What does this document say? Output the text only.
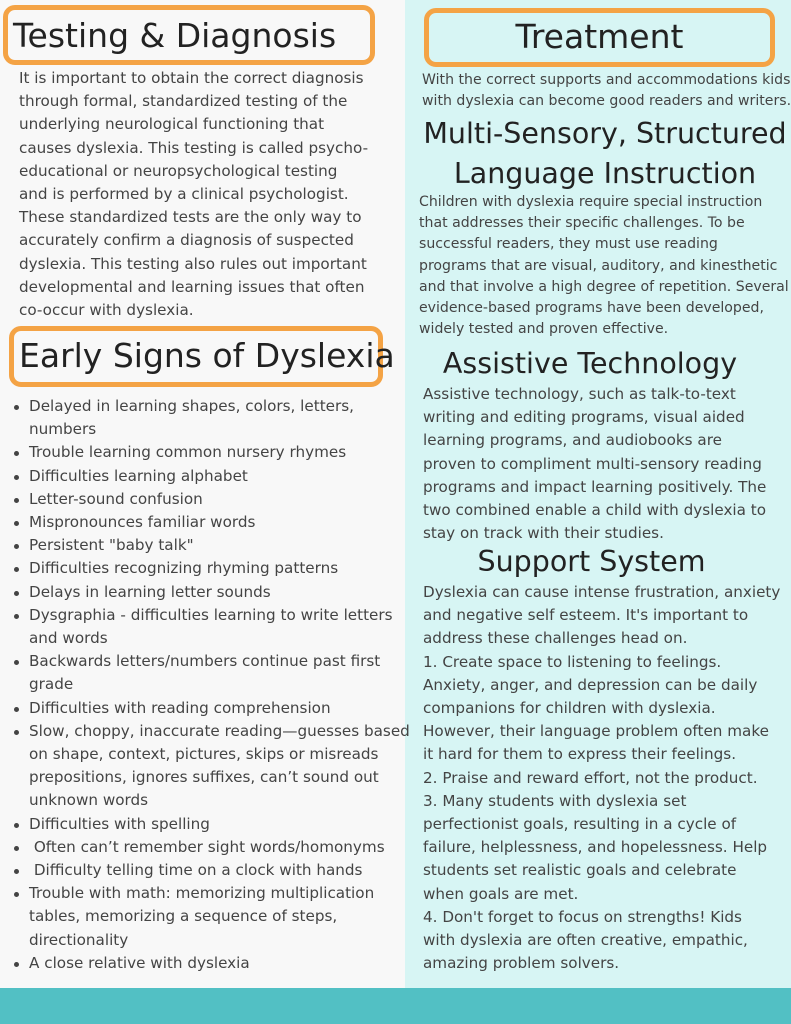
Testing & Diagnosis
It is important to obtain the correct diagnosis
through formal, standardized testing of the
underlying neurological functioning that
causes dyslexia. This testing is called psycho-
educational or neuropsychological testing
and is performed by a clinical psychologist.
These standardized tests are the only way to
accurately confirm a diagnosis of suspected
dyslexia. This testing also rules out important
developmental and learning issues that often
co-occur with dyslexia.
Early Signs of Dyslexia
Delayed in learning shapes, colors, letters, numbers
Trouble learning common nursery rhymes
Difficulties learning alphabet
Letter-sound confusion
Mispronounces familiar words
Persistent "baby talk"
Difficulties recognizing rhyming patterns
Delays in learning letter sounds
Dysgraphia - difficulties learning to write letters and words
Backwards letters/numbers continue past first grade
Difficulties with reading comprehension
Slow, choppy, inaccurate reading—guesses based on shape, context, pictures, skips or misreads prepositions, ignores suffixes, can’t sound out unknown words
Difficulties with spelling
Often can’t remember sight words/homonyms
Difficulty telling time on a clock with hands
Trouble with math: memorizing multiplication tables, memorizing a sequence of steps, directionality
A close relative with dyslexia
Treatment
With the correct supports and accommodations kids
with dyslexia can become good readers and writers.
Multi-Sensory, Structured
Language Instruction
Children with dyslexia require special instruction
that addresses their specific challenges. To be
successful readers, they must use reading
programs that are visual, auditory, and kinesthetic
and that involve a high degree of repetition. Several
evidence-based programs have been developed,
widely tested and proven effective.
Assistive Technology
Assistive technology, such as talk-to-text
writing and editing programs, visual aided
learning programs, and audiobooks are
proven to compliment multi-sensory reading
programs and impact learning positively. The
two combined enable a child with dyslexia to
stay on track with their studies.
Support System
Dyslexia can cause intense frustration, anxiety
and negative self esteem. It's important to
address these challenges head on.
1. Create space to listening to feelings.
Anxiety, anger, and depression can be daily
companions for children with dyslexia.
However, their language problem often make
it hard for them to express their feelings.
2. Praise and reward effort, not the product.
3. Many students with dyslexia set
perfectionist goals, resulting in a cycle of
failure, helplessness, and hopelessness. Help
students set realistic goals and celebrate
when goals are met.
4. Don't forget to focus on strengths! Kids
with dyslexia are often creative, empathic,
amazing problem solvers.
